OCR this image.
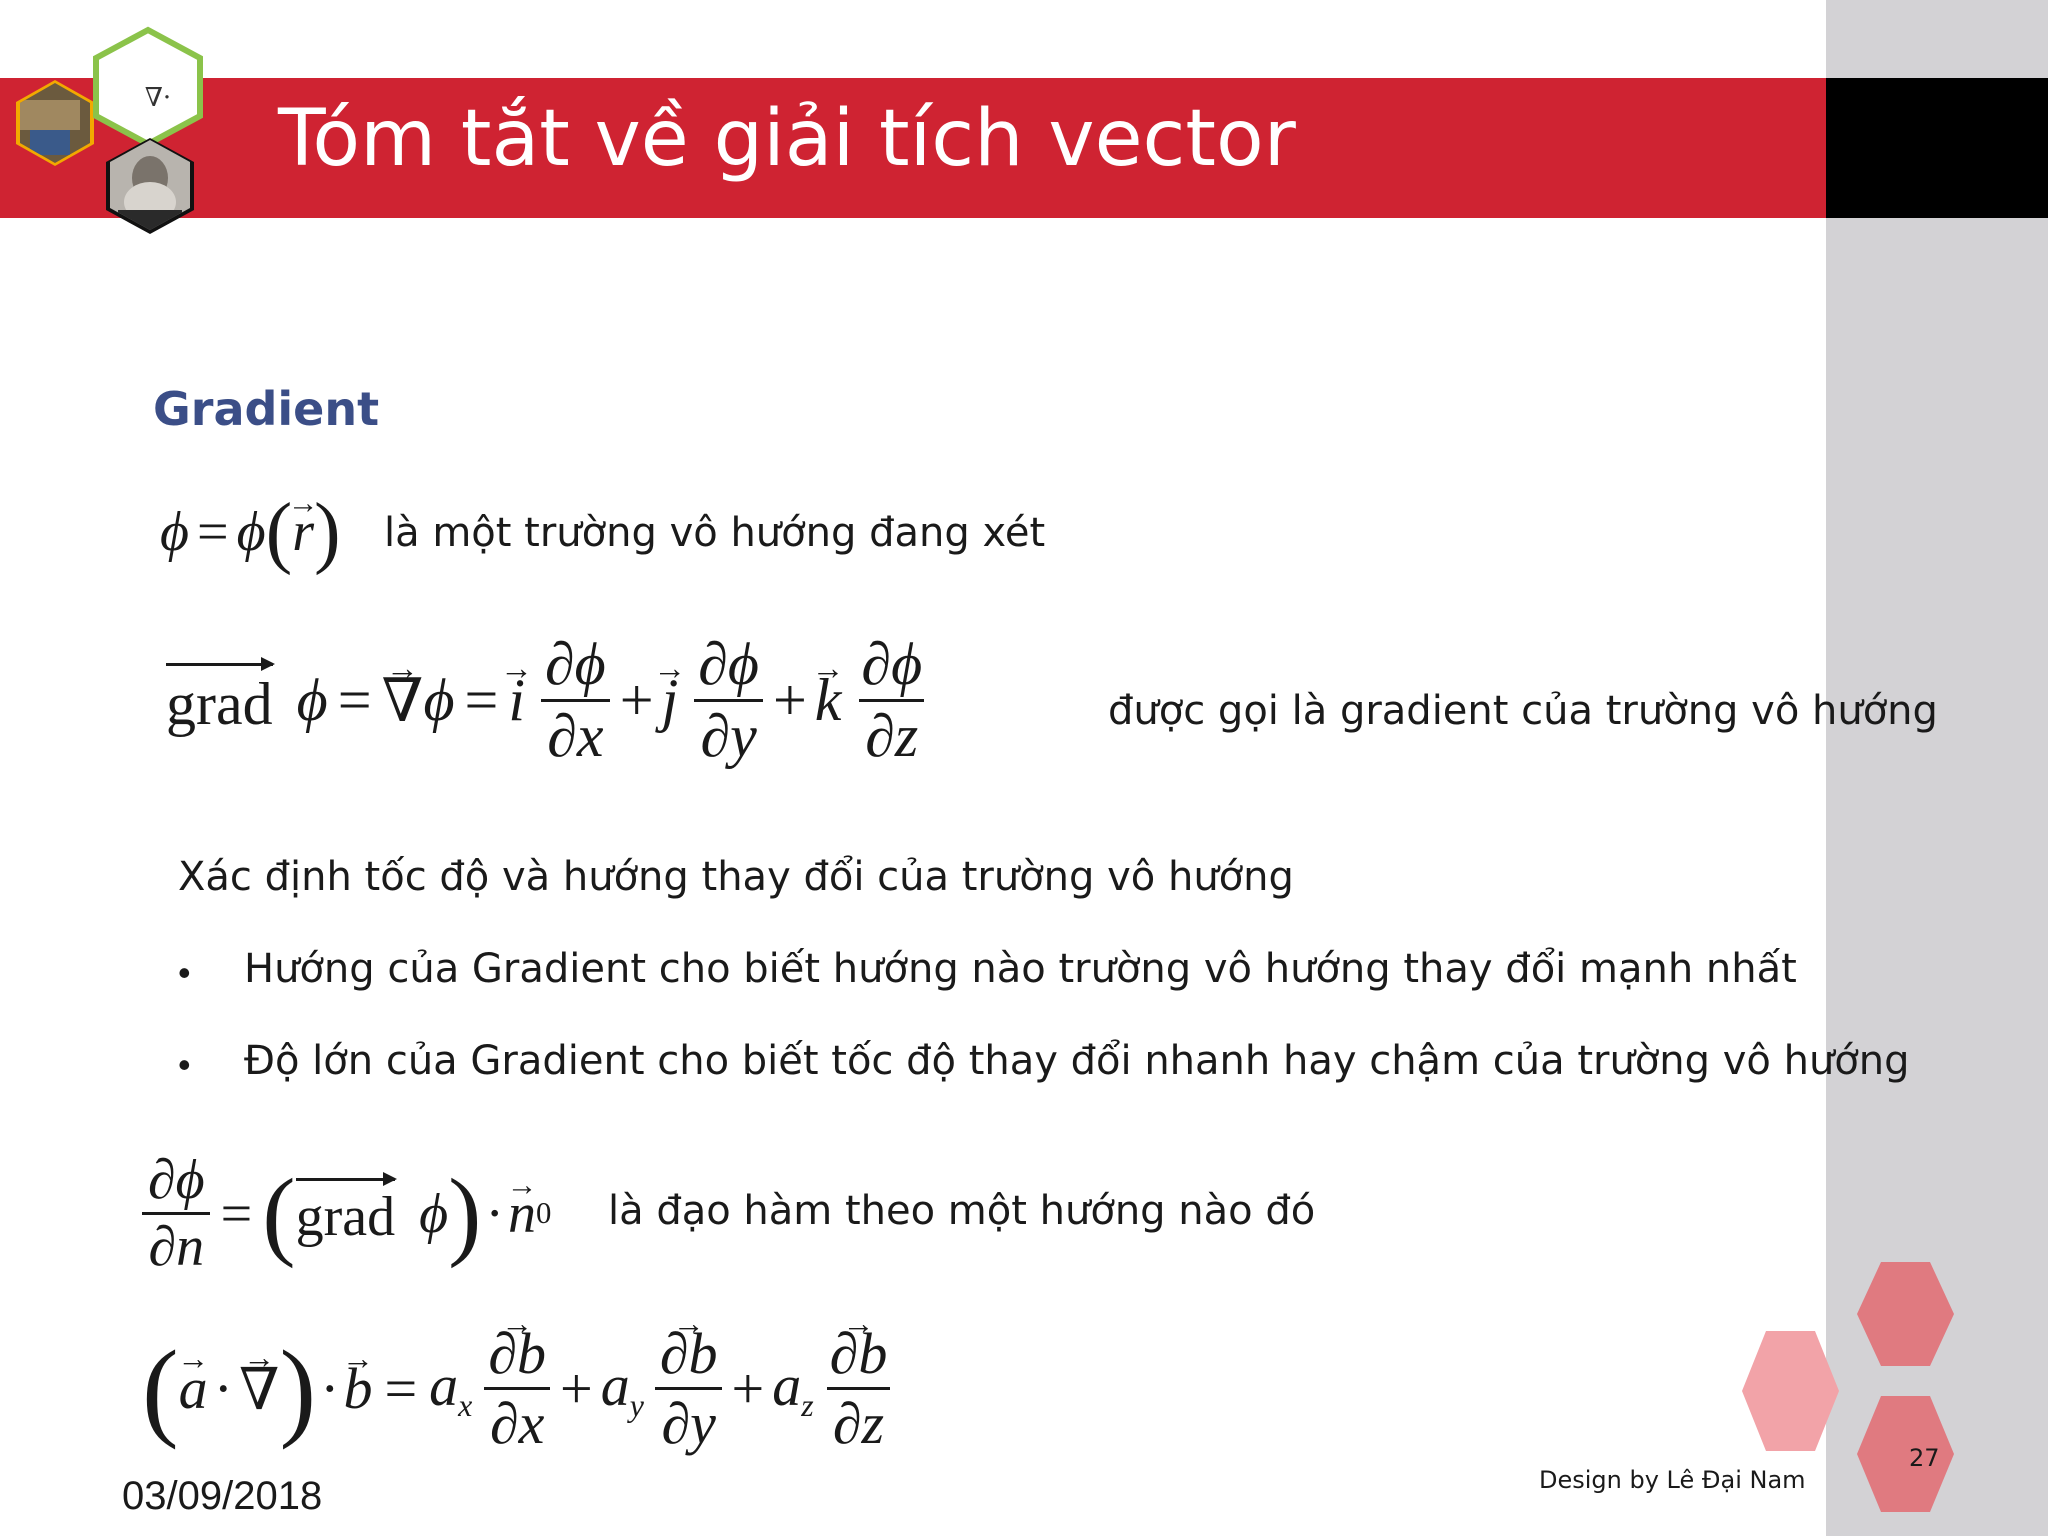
Tóm tắt về giải tích vector
∇·
Gradient
ϕ = ϕ (
→ r ) là một trường vô hướng đang xét
grad ϕ =
→ ∇ ϕ =
→ i $\frac{\partial\phi}{\partial x}$ +
→ j $\frac{\partial\phi}{\partial y}$ +
→ k $\frac{\partial\phi}{\partial z}$	được gọi là gradient của trường vô hướng
Xác định tốc độ và hướng thay đổi của trường vô hướng
• Hướng của Gradient cho biết hướng nào trường vô hướng thay đổi mạnh nhất
• Độ lớn của Gradient cho biết tốc độ thay đổi nhanh hay chậm của trường vô hướng
$\frac{\partial\phi}{\partial n}$ = ( grad ϕ ) ·
→ n 0 là đạo hàm theo một hướng nào đó
(
→ a ·
→ ∇ ) ·
→ $b = a_x$
→ $\frac{\partial b}{\partial x} + a_y$
→ $\frac{\partial b}{\partial y} + a_z$
→ $\frac{\partial b}{\partial z}$
27
Design by Lê Đại Nam
03/09/2018
